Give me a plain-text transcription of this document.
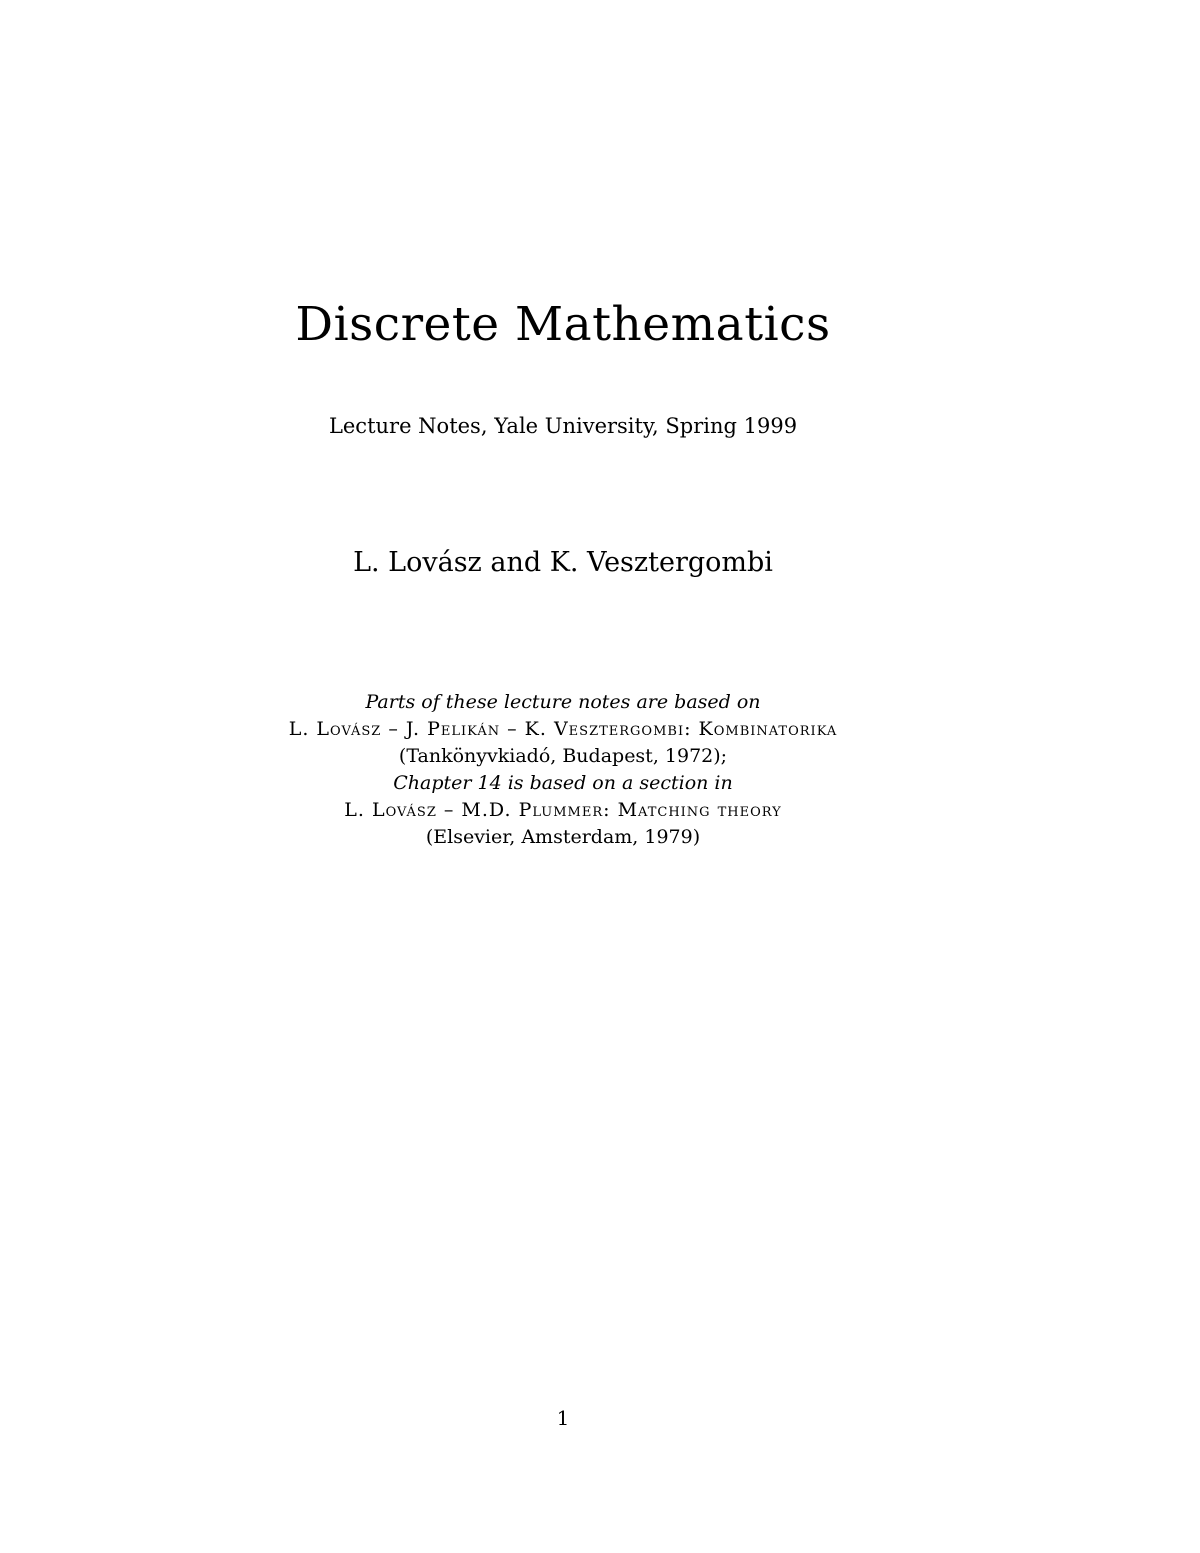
Discrete Mathematics
Lecture Notes, Yale University, Spring 1999
L. Lovász and K. Vesztergombi
Parts of these lecture notes are based on
L. Lovász – J. Pelikán – K. Vesztergombi: Kombinatorika
(Tankönyvkiadó, Budapest, 1972);
Chapter 14 is based on a section in
L. Lovász – M.D. Plummer: Matching theory
(Elsevier, Amsterdam, 1979)
1
